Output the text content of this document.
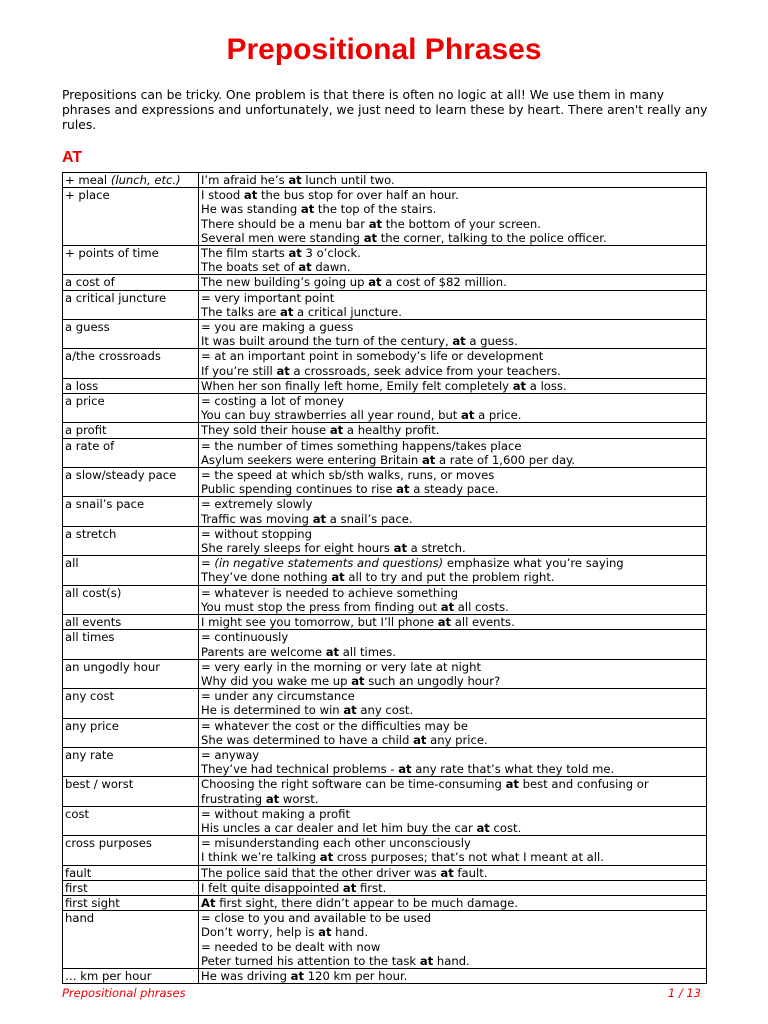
Prepositional Phrases
Prepositions can be tricky. One problem is that there is often no logic at all! We use them in many phrases and expressions and unfortunately, we just need to learn these by heart. There aren't really any rules.
AT
+ meal (lunch, etc.)	I’m afraid he’s at lunch until two.

+ place	I stood at the bus stop for over half an hour.
He was standing at the top of the stairs.
There should be a menu bar at the bottom of your screen.
Several men were standing at the corner, talking to the police officer.

+ points of time	The film starts at 3 o’clock.
The boats set of at dawn.

a cost of	The new building’s going up at a cost of $82 million.

a critical juncture	= very important point
The talks are at a critical juncture.

a guess	= you are making a guess
It was built around the turn of the century, at a guess.

a/the crossroads	= at an important point in somebody’s life or development
If you’re still at a crossroads, seek advice from your teachers.

a loss	When her son finally left home, Emily felt completely at a loss.

a price	= costing a lot of money
You can buy strawberries all year round, but at a price.

a profit	They sold their house at a healthy profit.

a rate of	= the number of times something happens/takes place
Asylum seekers were entering Britain at a rate of 1,600 per day.

a slow/steady pace	= the speed at which sb/sth walks, runs, or moves
Public spending continues to rise at a steady pace.

a snail’s pace	= extremely slowly
Traffic was moving at a snail’s pace.

a stretch	= without stopping
She rarely sleeps for eight hours at a stretch.

all	= (in negative statements and questions) emphasize what you’re saying
They’ve done nothing at all to try and put the problem right.

all cost(s)	= whatever is needed to achieve something
You must stop the press from finding out at all costs.

all events	I might see you tomorrow, but I’ll phone at all events.

all times	= continuously
Parents are welcome at all times.

an ungodly hour	= very early in the morning or very late at night
Why did you wake me up at such an ungodly hour?

any cost	= under any circumstance
He is determined to win at any cost.

any price	= whatever the cost or the difficulties may be
She was determined to have a child at any price.

any rate	= anyway
They’ve had technical problems - at any rate that’s what they told me.

best / worst	Choosing the right software can be time-consuming at best and confusing or
frustrating at worst.

cost	= without making a profit
His uncles a car dealer and let him buy the car at cost.

cross purposes	= misunderstanding each other unconsciously
I think we’re talking at cross purposes; that’s not what I meant at all.

fault	The police said that the other driver was at fault.

first	I felt quite disappointed at first.

first sight	At first sight, there didn’t appear to be much damage.

hand	= close to you and available to be used
Don’t worry, help is at hand.
= needed to be dealt with now
Peter turned his attention to the task at hand.

… km per hour	He was driving at 120 km per hour.
Prepositional phrases	1 / 13
